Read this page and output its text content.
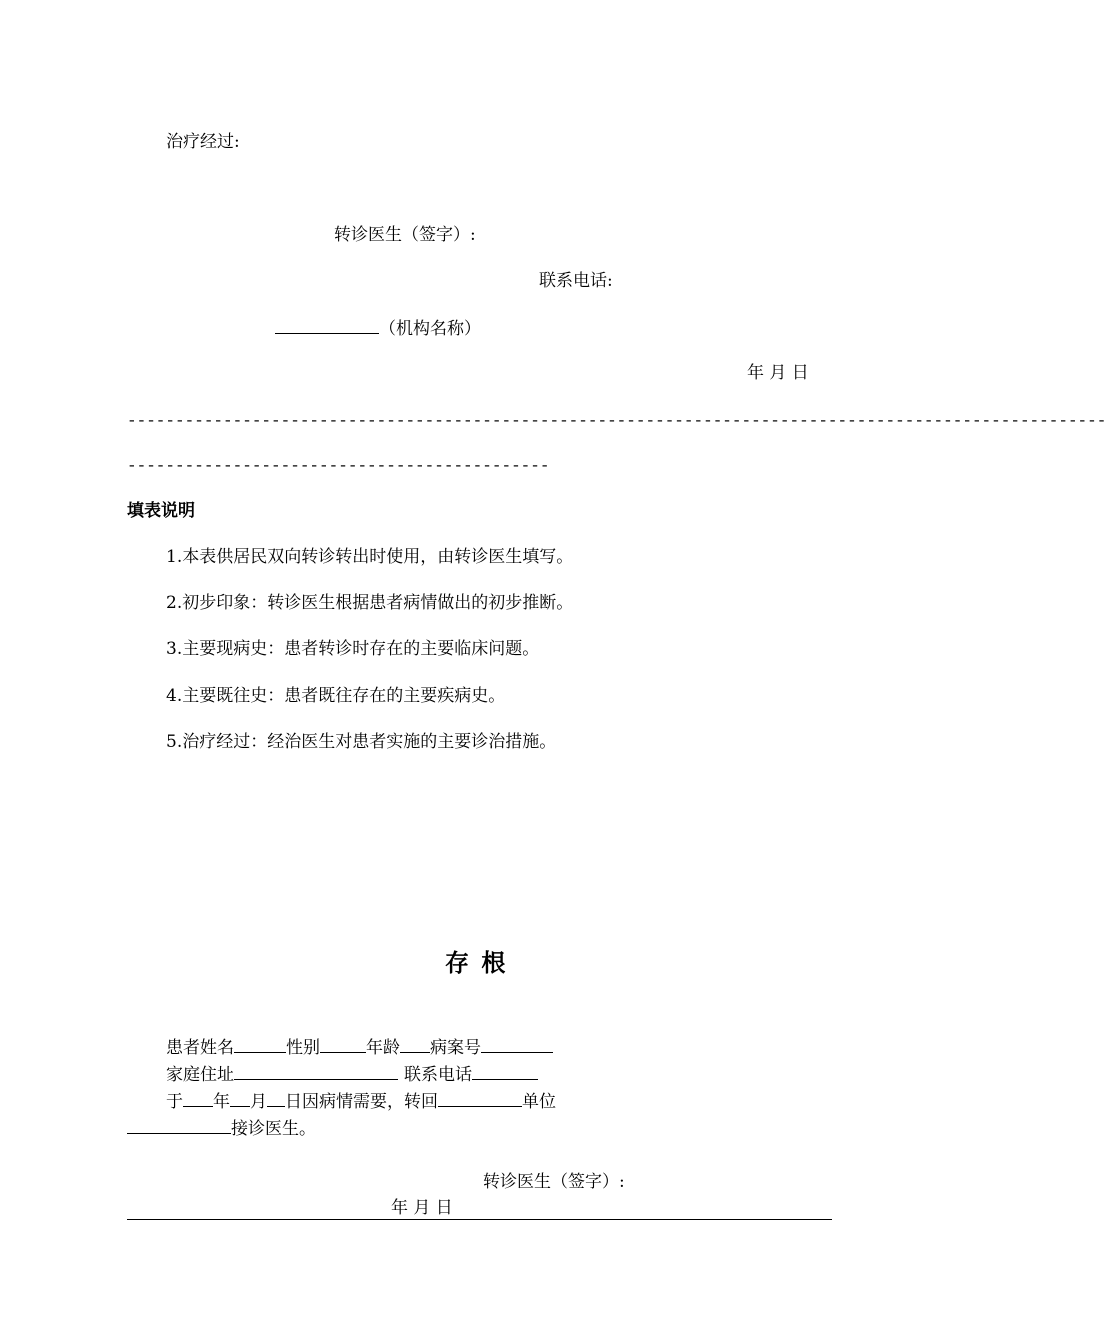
治疗经过:
转诊医生（签字）:
联系电话:
（机构名称）
年 月 日
------------------------------------------------------------------------------------------------------
--------------------------------------------
填表说明
1.本表供居民双向转诊转出时使用，由转诊医生填写。
2.初步印象：转诊医生根据患者病情做出的初步推断。
3.主要现病史：患者转诊时存在的主要临床问题。
4.主要既往史：患者既往存在的主要疾病史。
5.治疗经过：经治医生对患者实施的主要诊治措施。
存 根
患者姓名	性别	年龄 病案号
家庭住址	联系电话
于 年 月 日因病情需要，转回	单位
接诊医生。
转诊医生（签字）:
年 月 日
